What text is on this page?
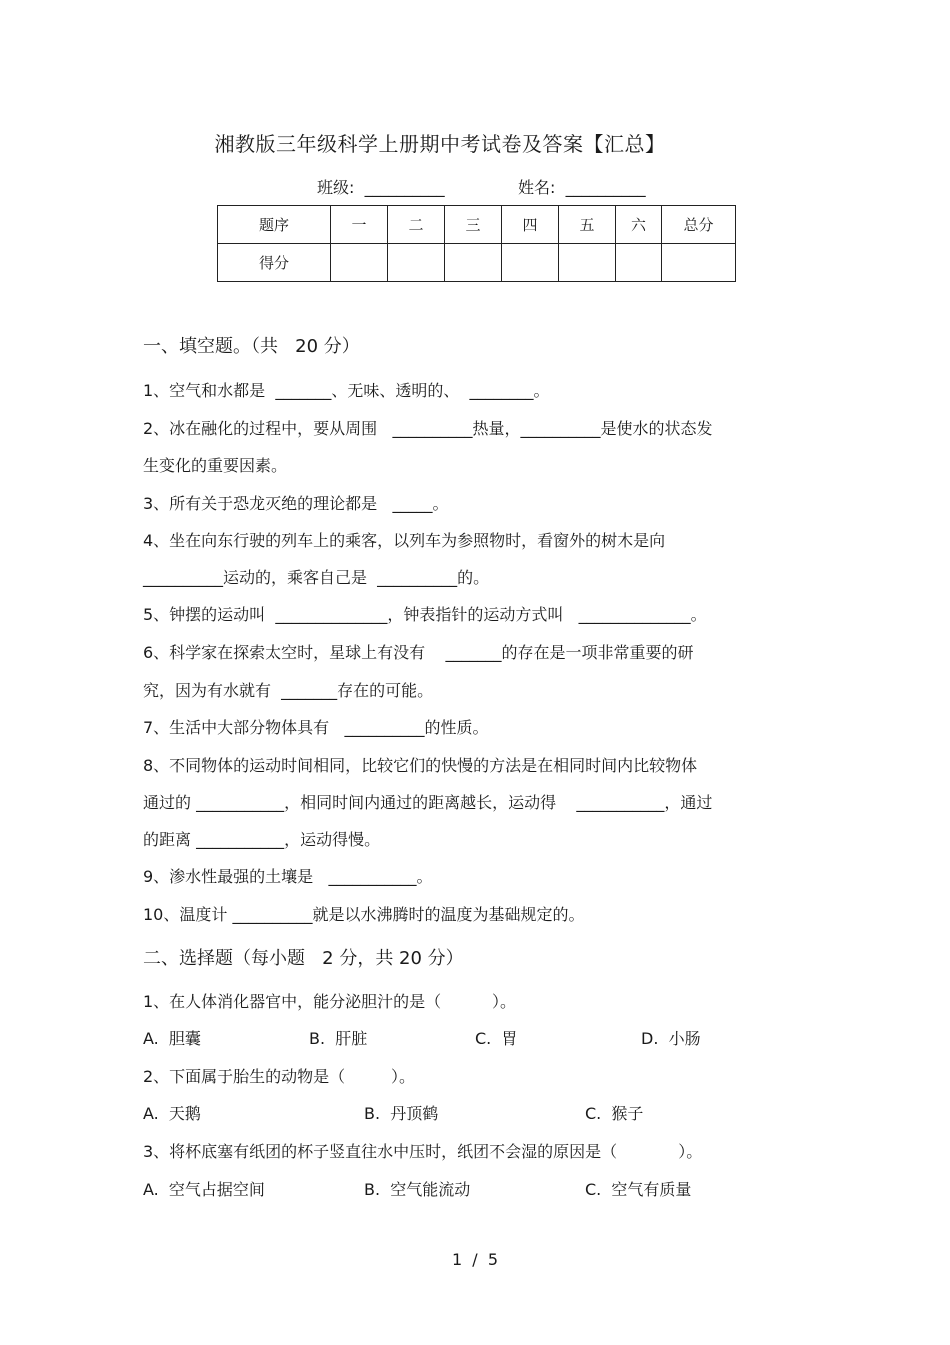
湘教版三年级科学上册期中考试卷及答案【汇总】
班级:  __________	姓名:  __________
题序	一	二	三	四	五	六	总分
得分							
一、填空题。（共   20 分）
1、空气和水都是  _______、无味、透明的、  ________。
2、冰在融化的过程中，要从周围   __________热量，__________是使水的状态发
生变化的重要因素。
3、所有关于恐龙灭绝的理论都是   _____。
4、坐在向东行驶的列车上的乘客，以列车为参照物时，看窗外的树木是向
__________运动的，乘客自己是  __________的。
5、钟摆的运动叫  ______________，钟表指针的运动方式叫   ______________。
6、科学家在探索太空时，星球上有没有    _______的存在是一项非常重要的研
究，因为有水就有  _______存在的可能。
7、生活中大部分物体具有   __________的性质。
8、不同物体的运动时间相同，比较它们的快慢的方法是在相同时间内比较物体
通过的 ___________，相同时间内通过的距离越长，运动得    ___________，通过
的距离 ___________，运动得慢。
9、渗水性最强的土壤是   ___________。
10、温度计 __________就是以水沸腾时的温度为基础规定的。
二、选择题（每小题   2 分，共 20 分）
1、在人体消化器官中，能分泌胆汁的是（          ）。
A.  胆囊	B.  肝脏	C.  胃	D.  小肠
2、下面属于胎生的动物是（         ）。
A.  天鹅	B.  丹顶鹤	C.  猴子
3、将杯底塞有纸团的杯子竖直往水中压时，纸团不会湿的原因是（            ）。
A.  空气占据空间	B.  空气能流动	C.  空气有质量
1  /  5
